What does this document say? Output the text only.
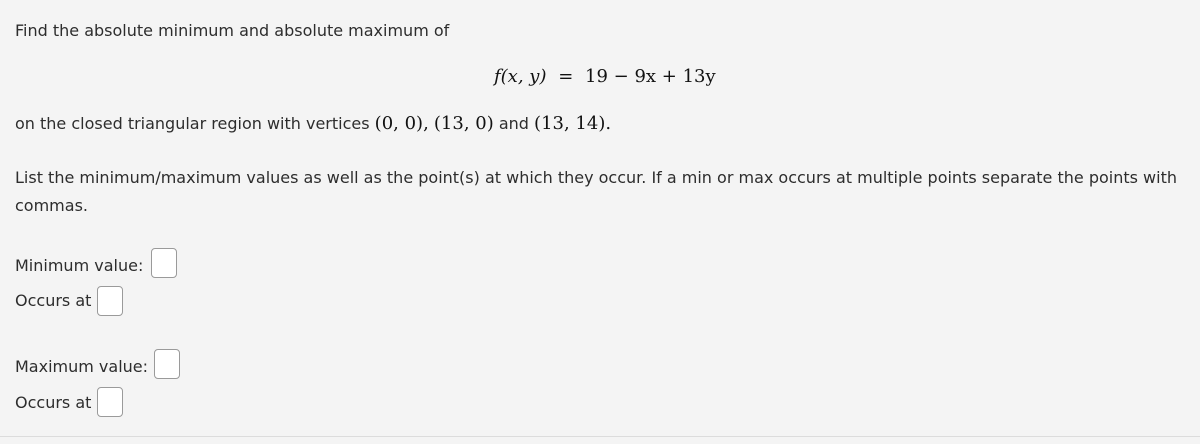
Find the absolute minimum and absolute maximum of
f(x, y) = 19 − 9x + 13y
on the closed triangular region with vertices (0, 0), (13, 0) and (13, 14).
List the minimum/maximum values as well as the point(s) at which they occur. If a min or max occurs at multiple points separate the points with
commas.
Minimum value:
Occurs at
Maximum value:
Occurs at
